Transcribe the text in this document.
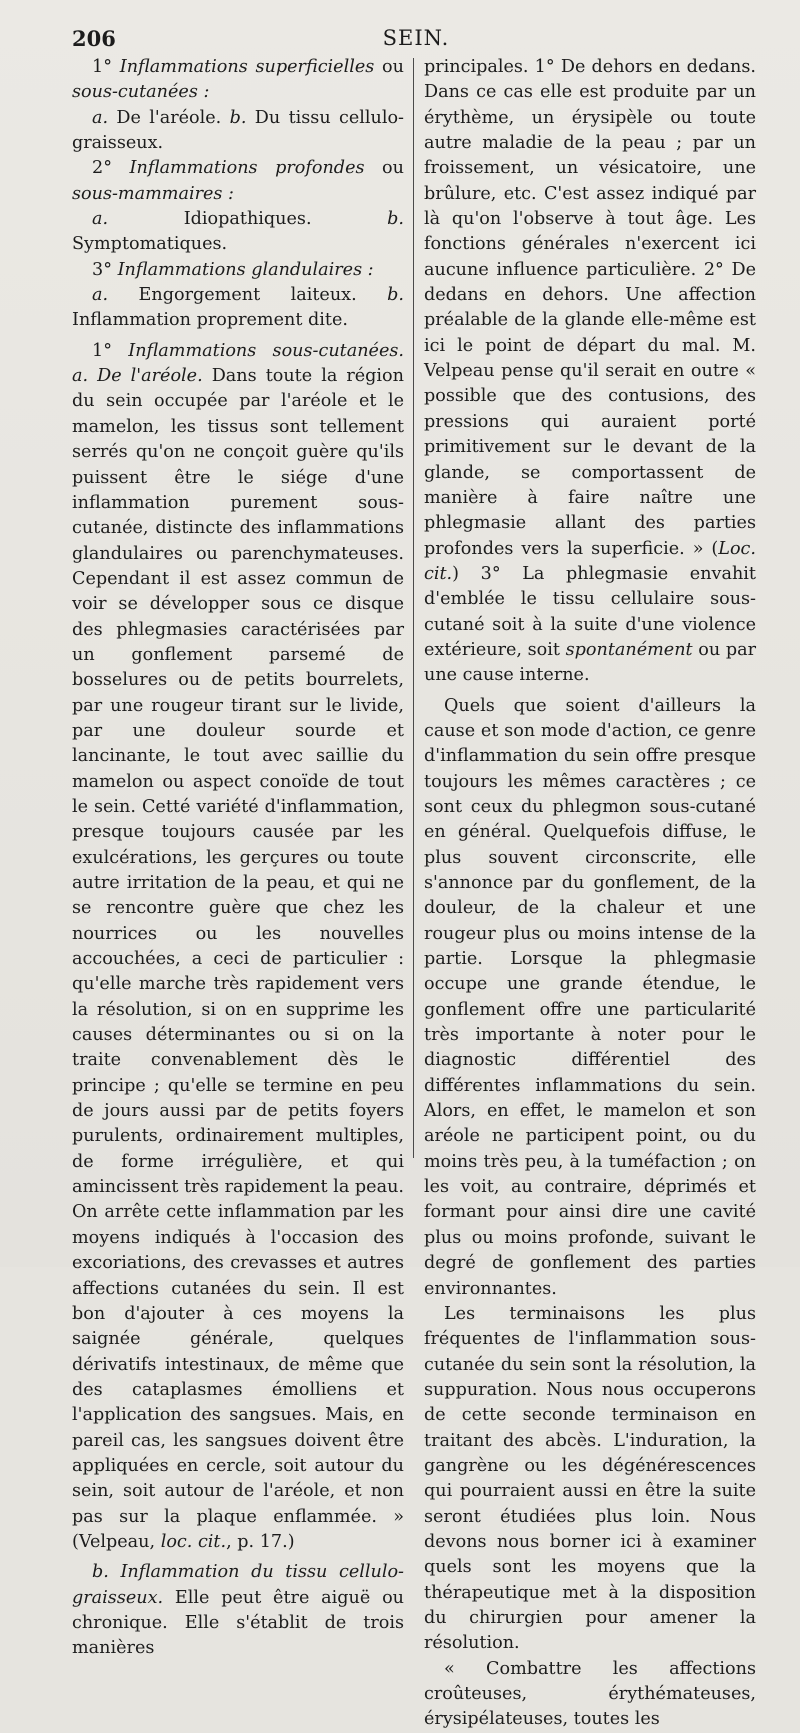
206	SEIN.

1° Inflammations superficielles ou sous-cutanées :

a. De l'aréole. b. Du tissu cellulo-graisseux.

2° Inflammations profondes ou sous-mammaires :

a. Idiopathiques. b. Symptomatiques.

3° Inflammations glandulaires :

a. Engorgement laiteux. b. Inflammation proprement dite.

1° Inflammations sous-cutanées. a. De l'aréole. Dans toute la région du sein occupée par l'aréole et le mamelon, les tissus sont tellement serrés qu'on ne conçoit guère qu'ils puissent être le siége d'une inflammation purement sous-cutanée, distincte des inflammations glandulaires ou parenchymateuses. Cependant il est assez commun de voir se développer sous ce disque des phlegmasies caractérisées par un gonflement parsemé de bosselures ou de petits bourrelets, par une rougeur tirant sur le livide, par une douleur sourde et lancinante, le tout avec saillie du mamelon ou aspect conoïde de tout le sein. Cetté variété d'inflammation, presque toujours causée par les exulcérations, les gerçures ou toute autre irritation de la peau, et qui ne se rencontre guère que chez les nourrices ou les nouvelles accouchées, a ceci de particulier : qu'elle marche très rapidement vers la résolution, si on en supprime les causes déterminantes ou si on la traite convenablement dès le principe ; qu'elle se termine en peu de jours aussi par de petits foyers purulents, ordinairement multiples, de forme irrégulière, et qui amincissent très rapidement la peau. On arrête cette inflammation par les moyens indiqués à l'occasion des excoriations, des crevasses et autres affections cutanées du sein. Il est bon d'ajouter à ces moyens la saignée générale, quelques dérivatifs intestinaux, de même que des cataplasmes émolliens et l'application des sangsues. Mais, en pareil cas, les sangsues doivent être appliquées en cercle, soit autour du sein, soit autour de l'aréole, et non pas sur la plaque enflammée. » (Velpeau, loc. cit., p. 17.)

b. Inflammation du tissu cellulo-graisseux. Elle peut être aiguë ou chronique. Elle s'établit de trois manières

principales. 1° De dehors en dedans. Dans ce cas elle est produite par un érythème, un érysipèle ou toute autre maladie de la peau ; par un froissement, un vésicatoire, une brûlure, etc. C'est assez indiqué par là qu'on l'observe à tout âge. Les fonctions générales n'exercent ici aucune influence particulière. 2° De dedans en dehors. Une affection préalable de la glande elle-même est ici le point de départ du mal. M. Velpeau pense qu'il serait en outre « possible que des contusions, des pressions qui auraient porté primitivement sur le devant de la glande, se comportassent de manière à faire naître une phlegmasie allant des parties profondes vers la superficie. » (Loc. cit.) 3° La phlegmasie envahit d'emblée le tissu cellulaire sous-cutané soit à la suite d'une violence extérieure, soit spontanément ou par une cause interne.

Quels que soient d'ailleurs la cause et son mode d'action, ce genre d'inflammation du sein offre presque toujours les mêmes caractères ; ce sont ceux du phlegmon sous-cutané en général. Quelquefois diffuse, le plus souvent circonscrite, elle s'annonce par du gonflement, de la douleur, de la chaleur et une rougeur plus ou moins intense de la partie. Lorsque la phlegmasie occupe une grande étendue, le gonflement offre une particularité très importante à noter pour le diagnostic différentiel des différentes inflammations du sein. Alors, en effet, le mamelon et son aréole ne participent point, ou du moins très peu, à la tuméfaction ; on les voit, au contraire, déprimés et formant pour ainsi dire une cavité plus ou moins profonde, suivant le degré de gonflement des parties environnantes.

Les terminaisons les plus fréquentes de l'inflammation sous-cutanée du sein sont la résolution, la suppuration. Nous nous occuperons de cette seconde terminaison en traitant des abcès. L'induration, la gangrène ou les dégénérescences qui pourraient aussi en être la suite seront étudiées plus loin. Nous devons nous borner ici à examiner quels sont les moyens que la thérapeutique met à la disposition du chirurgien pour amener la résolution.

« Combattre les affections croûteuses, érythémateuses, érysipélateuses, toutes les
